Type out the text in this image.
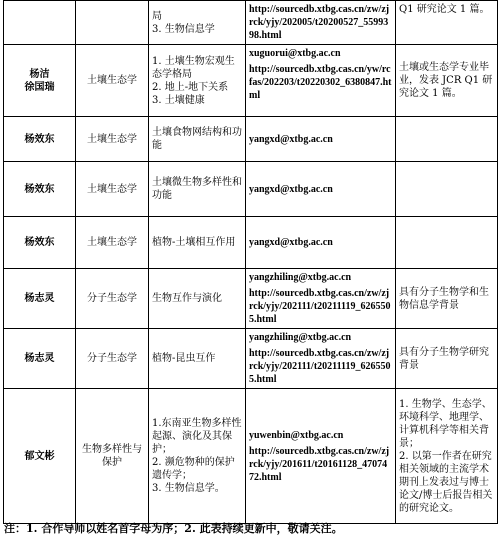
		局
3. 生物信息学	http://sourcedb.xtbg.cas.cn/zw/zjrck/yjy/202005/t20200527_5599398.html	Q1 研究论文 1 篇。
杨洁
徐国瑞	土壤生态学	1. 土壤生物宏观生态学格局
2. 地上-地下关系
3. 土壤健康	xuguorui@xtbg.ac.cn
http://sourcedb.xtbg.cas.cn/yw/rcfas/202203/t20220302_6380847.html	土壤或生态学专业毕业，发表 JCR Q1 研究论文 1 篇。
杨效东	土壤生态学	土壤食物网结构和功能	yangxd@xtbg.ac.cn	

杨效东	土壤生态学	土壤微生物多样性和功能	yangxd@xtbg.ac.cn	

杨效东	土壤生态学	植物-土壤相互作用	yangxd@xtbg.ac.cn	

杨志灵	分子生态学	生物互作与演化	yangzhiling@xtbg.ac.cn
http://sourcedb.xtbg.cas.cn/zw/zjrck/yjy/202111/t20211119_6265505.html	具有分子生物学和生物信息学背景
杨志灵	分子生态学	植物-昆虫互作	yangzhiling@xtbg.ac.cn
http://sourcedb.xtbg.cas.cn/zw/zjrck/yjy/202111/t20211119_6265505.html	具有分子生物学研究背景
郁文彬	生物多样性与保护	1.东南亚生物多样性起源、演化及其保护；
2. 濒危物种的保护遗传学；
3. 生物信息学。	yuwenbin@xtbg.ac.cn
http://sourcedb.xtbg.cas.cn/zw/zjrck/yjy/201611/t20161128_4707472.html	1. 生物学、生态学、环境科学、地理学、计算机科学等相关背景；
2. 以第一作者在研究相关领域的主流学术期刊上发表过与博士论文/博士后报告相关的研究论文。
注：1. 合作导师以姓名首字母为序；2. 此表持续更新中，敬请关注。
